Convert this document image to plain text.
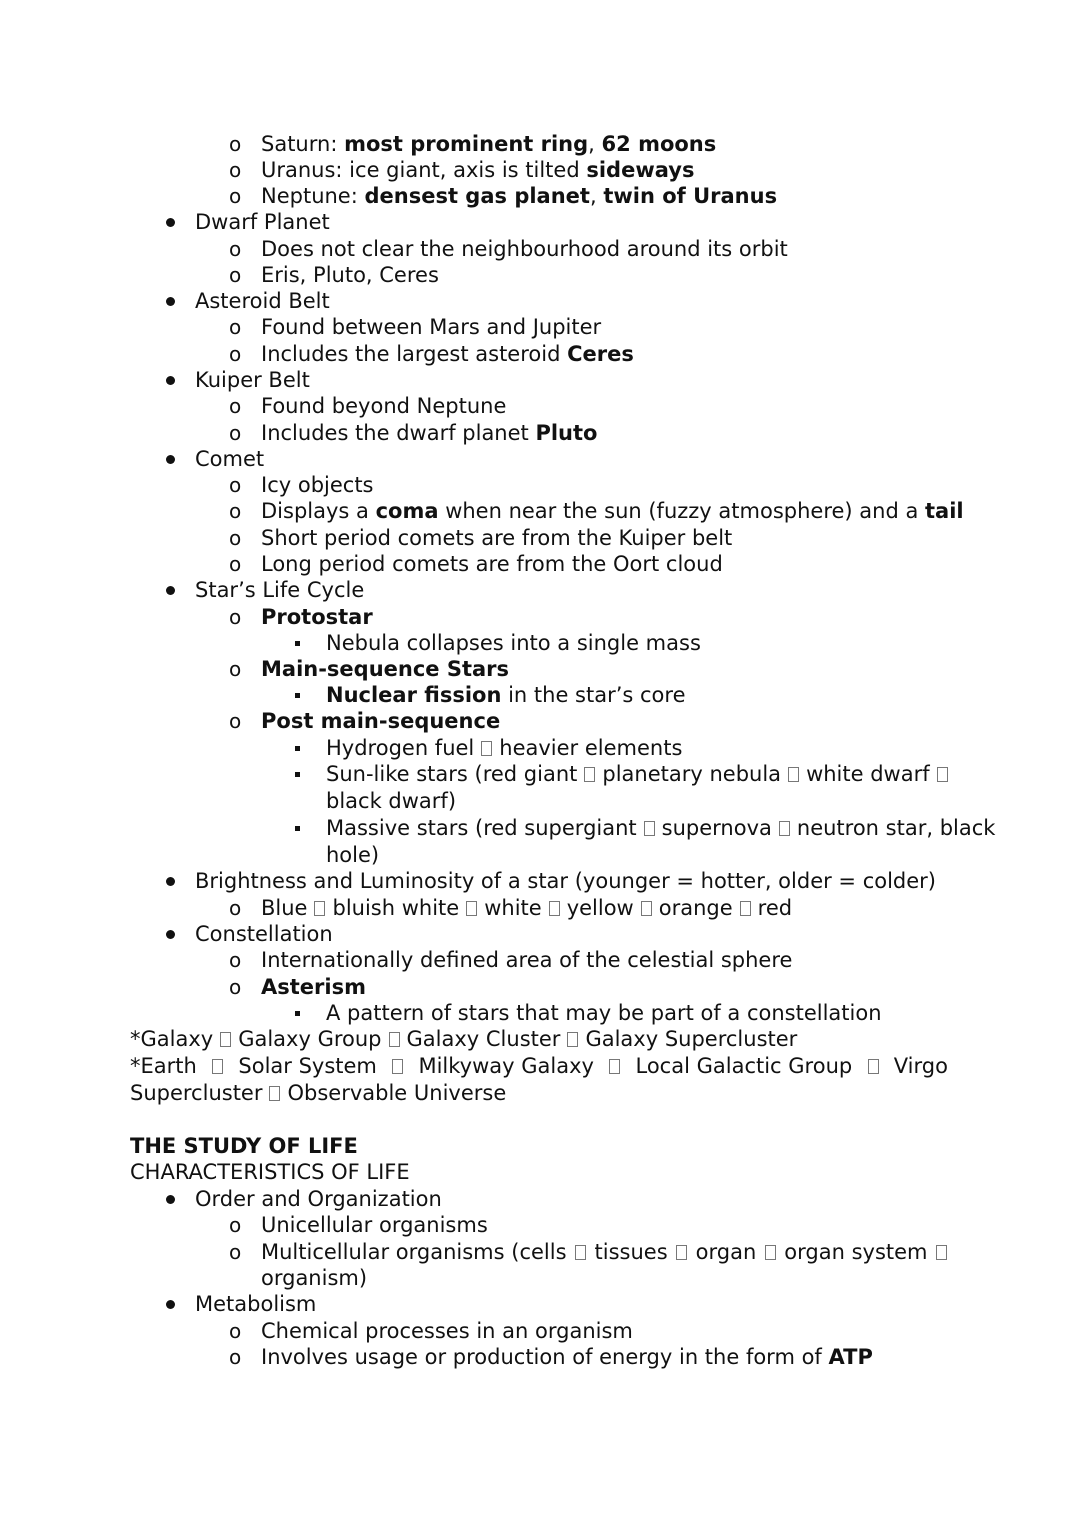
o Saturn: most prominent ring, 62 moons
o Uranus: ice giant, axis is tilted sideways
o Neptune: densest gas planet, twin of Uranus
Dwarf Planet
o Does not clear the neighbourhood around its orbit
o Eris, Pluto, Ceres
Asteroid Belt
o Found between Mars and Jupiter
o Includes the largest asteroid Ceres
Kuiper Belt
o Found beyond Neptune
o Includes the dwarf planet Pluto
Comet
o Icy objects
o Displays a coma when near the sun (fuzzy atmosphere) and a tail
o Short period comets are from the Kuiper belt
o Long period comets are from the Oort cloud
Star’s Life Cycle
o Protostar
Nebula collapses into a single mass
o Main-sequence Stars
Nuclear fission in the star’s core
o Post main-sequence
Hydrogen fuel heavier elements
Sun-like stars (red giant planetary nebula white dwarf
black dwarf)
Massive stars (red supergiant supernova neutron star, black
hole)
Brightness and Luminosity of a star (younger = hotter, older = colder)
o Blue bluish white white yellow orange red
Constellation
o Internationally defined area of the celestial sphere
o Asterism
A pattern of stars that may be part of a constellation
*Galaxy Galaxy Group Galaxy Cluster Galaxy Supercluster
*Earth Solar System Milkyway Galaxy Local Galactic Group Virgo
Supercluster Observable Universe
THE STUDY OF LIFE
CHARACTERISTICS OF LIFE
Order and Organization
o Unicellular organisms
o Multicellular organisms (cells tissues organ organ system
organism)
Metabolism
o Chemical processes in an organism
o Involves usage or production of energy in the form of ATP
